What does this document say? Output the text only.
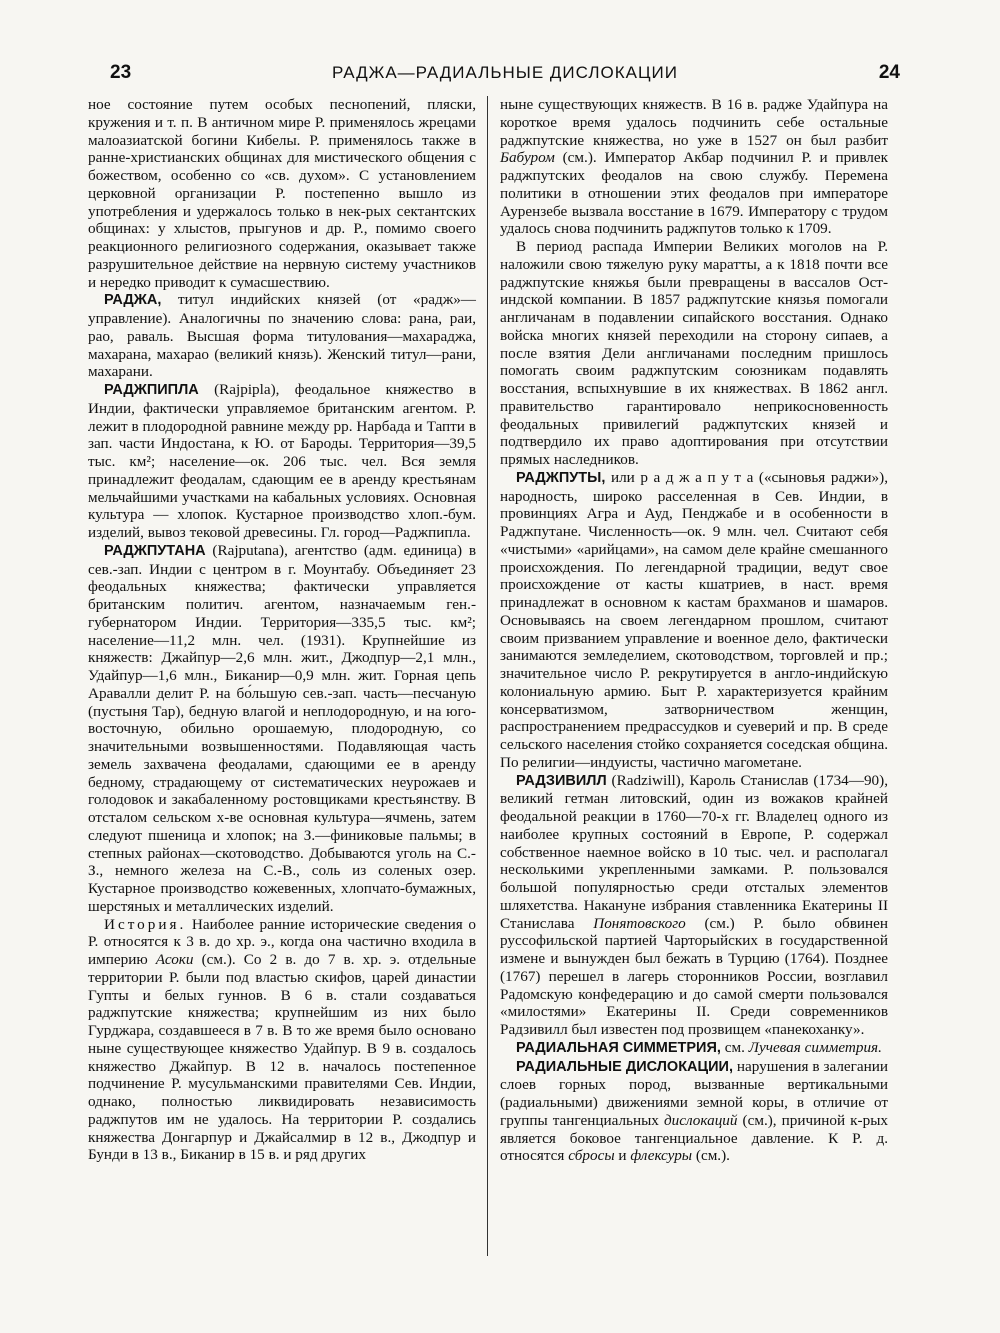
23	РАДЖА—РАДИАЛЬНЫЕ ДИСЛОКАЦИИ	24

ное состояние путем особых песнопений, пляски, кружения и т. п. В античном мире Р. применялось жрецами малоазиатской богини Кибелы. Р. применялось также в ранне-христианских общинах для мистического общения с божеством, особенно со «св. духом». С установлением церковной организации Р. постепенно вышло из употребления и удержалось только в нек-рых сектантских общинах: у хлыстов, прыгунов и др. Р., помимо своего реакционного религиозного содержания, оказывает также разрушительное действие на нервную систему участников и нередко приводит к сумасшествию.

РАДЖА, титул индийских князей (от «радж»—управление). Аналогичны по значению слова: рана, раи, рао, раваль. Высшая форма титулования—махараджа, махарана, махарао (великий князь). Женский титул—рани, махарани.

РАДЖПИПЛА (Rajpipla), феодальное княжество в Индии, фактически управляемое британским агентом. Р. лежит в плодородной равнине между рр. Нарбада и Тапти в зап. части Индостана, к Ю. от Бароды. Территория—39,5 тыс. км²; население—ок. 206 тыс. чел. Вся земля принадлежит феодалам, сдающим ее в аренду крестьянам мельчайшими участками на кабальных условиях. Основная культура — хлопок. Кустарное производство хлоп.-бум. изделий, вывоз тековой древесины. Гл. город—Раджпипла.

РАДЖПУТАНА (Rajputana), агентство (адм. единица) в сев.-зап. Индии с центром в г. Моунтабу. Объединяет 23 феодальных княжества; фактически управляется британским политич. агентом, назначаемым ген.-губернатором Индии. Территория—335,5 тыс. км²; население—11,2 млн. чел. (1931). Крупнейшие из княжеств: Джайпур—2,6 млн. жит., Джодпур—2,1 млн., Удайпур—1,6 млн., Биканир—0,9 млн. жит. Горная цепь Аравалли делит Р. на бо́льшую сев.-зап. часть—песчаную (пустыня Тар), бедную влагой и неплодородную, и на юго-восточную, обильно орошаемую, плодородную, со значительными возвышенностями. Подавляющая часть земель захвачена феодалами, сдающими ее в аренду бедному, страдающему от систематических неурожаев и голодовок и закабаленному ростовщиками крестьянству. В отсталом сельском х-ве основная культура—ячмень, затем следуют пшеница и хлопок; на З.—финиковые пальмы; в степных районах—скотоводство. Добываются уголь на С.-З., немного железа на С.-В., соль из соленых озер. Кустарное производство кожевенных, хлопчато-бумажных, шерстяных и металлических изделий.

История. Наиболее ранние исторические сведения о Р. относятся к 3 в. до хр. э., когда она частично входила в империю Асоки (см.). Со 2 в. до 7 в. хр. э. отдельные территории Р. были под властью скифов, царей династии Гупты и белых гуннов. В 6 в. стали создаваться раджпутские княжества; крупнейшим из них было Гурджара, создавшееся в 7 в. В то же время было основано ныне существующее княжество Удайпур. В 9 в. создалось княжество Джайпур. В 12 в. началось постепенное подчинение Р. мусульманскими правителями Сев. Индии, однако, полностью ликвидировать независимость раджпутов им не удалось. На территории Р. создались княжества Донгарпур и Джайсалмир в 12 в., Джодпур и Бунди в 13 в., Биканир в 15 в. и ряд других

ныне существующих княжеств. В 16 в. радже Удайпура на короткое время удалось подчинить себе остальные раджпутские княжества, но уже в 1527 он был разбит Бабуром (см.). Император Акбар подчинил Р. и привлек раджпутских феодалов на свою службу. Перемена политики в отношении этих феодалов при императоре Аурензебе вызвала восстание в 1679. Императору с трудом удалось снова подчинить раджпутов только к 1709.

В период распада Империи Великих моголов на Р. наложили свою тяжелую руку маратты, а к 1818 почти все раджпутские княжья были превращены в вассалов Ост-индской компании. В 1857 раджпутские князья помогали англичанам в подавлении сипайского восстания. Однако войска многих князей переходили на сторону сипаев, а после взятия Дели англичанами последним пришлось помогать своим раджпутским союзникам подавлять восстания, вспыхнувшие в их княжествах. В 1862 англ. правительство гарантировало неприкосновенность феодальных привилегий раджпутских князей и подтвердило их право адоптирования при отсутствии прямых наследников.

РАДЖПУТЫ, или р а д ж а п у т а («сыновья раджи»), народность, широко расселенная в Сев. Индии, в провинциях Агра и Ауд, Пенджабе и в особенности в Раджпутане. Численность—ок. 9 млн. чел. Считают себя «чистыми» «арийцами», на самом деле крайне смешанного происхождения. По легендарной традиции, ведут свое происхождение от касты кшатриев, в наст. время принадлежат в основном к кастам брахманов и шамаров. Основываясь на своем легендарном прошлом, считают своим призванием управление и военное дело, фактически занимаются земледелием, скотоводством, торговлей и пр.; значительное число Р. рекрутируется в англо-индийскую колониальную армию. Быт Р. характеризуется крайним консерватизмом, затворничеством женщин, распространением предрассудков и суеверий и пр. В среде сельского населения стойко сохраняется соседская община. По религии—индуисты, частично магометане.

РАДЗИВИЛЛ (Radziwill), Кароль Станислав (1734—90), великий гетман литовский, один из вожаков крайней феодальной реакции в 1760—70-х гг. Владелец одного из наиболее крупных состояний в Европе, Р. содержал собственное наемное войско в 10 тыс. чел. и располагал несколькими укрепленными замками. Р. пользовался большой популярностью среди отсталых элементов шляхетства. Накануне избрания ставленника Екатерины II Станислава Понятовского (см.) Р. было обвинен руссофильской партией Чарторыйских в государственной измене и вынужден был бежать в Турцию (1764). Позднее (1767) перешел в лагерь сторонников России, возглавил Радомскую конфедерацию и до самой смерти пользовался «милостями» Екатерины II. Среди современников Радзивилл был известен под прозвищем «панекоханку».

РАДИАЛЬНАЯ СИММЕТРИЯ, см. Лучевая симметрия.

РАДИАЛЬНЫЕ ДИСЛОКАЦИИ, нарушения в залегании слоев горных пород, вызванные вертикальными (радиальными) движениями земной коры, в отличие от группы тангенциальных дислокаций (см.), причиной к-рых является боковое тангенциальное давление. К Р. д. относятся сбросы и флексуры (см.).
